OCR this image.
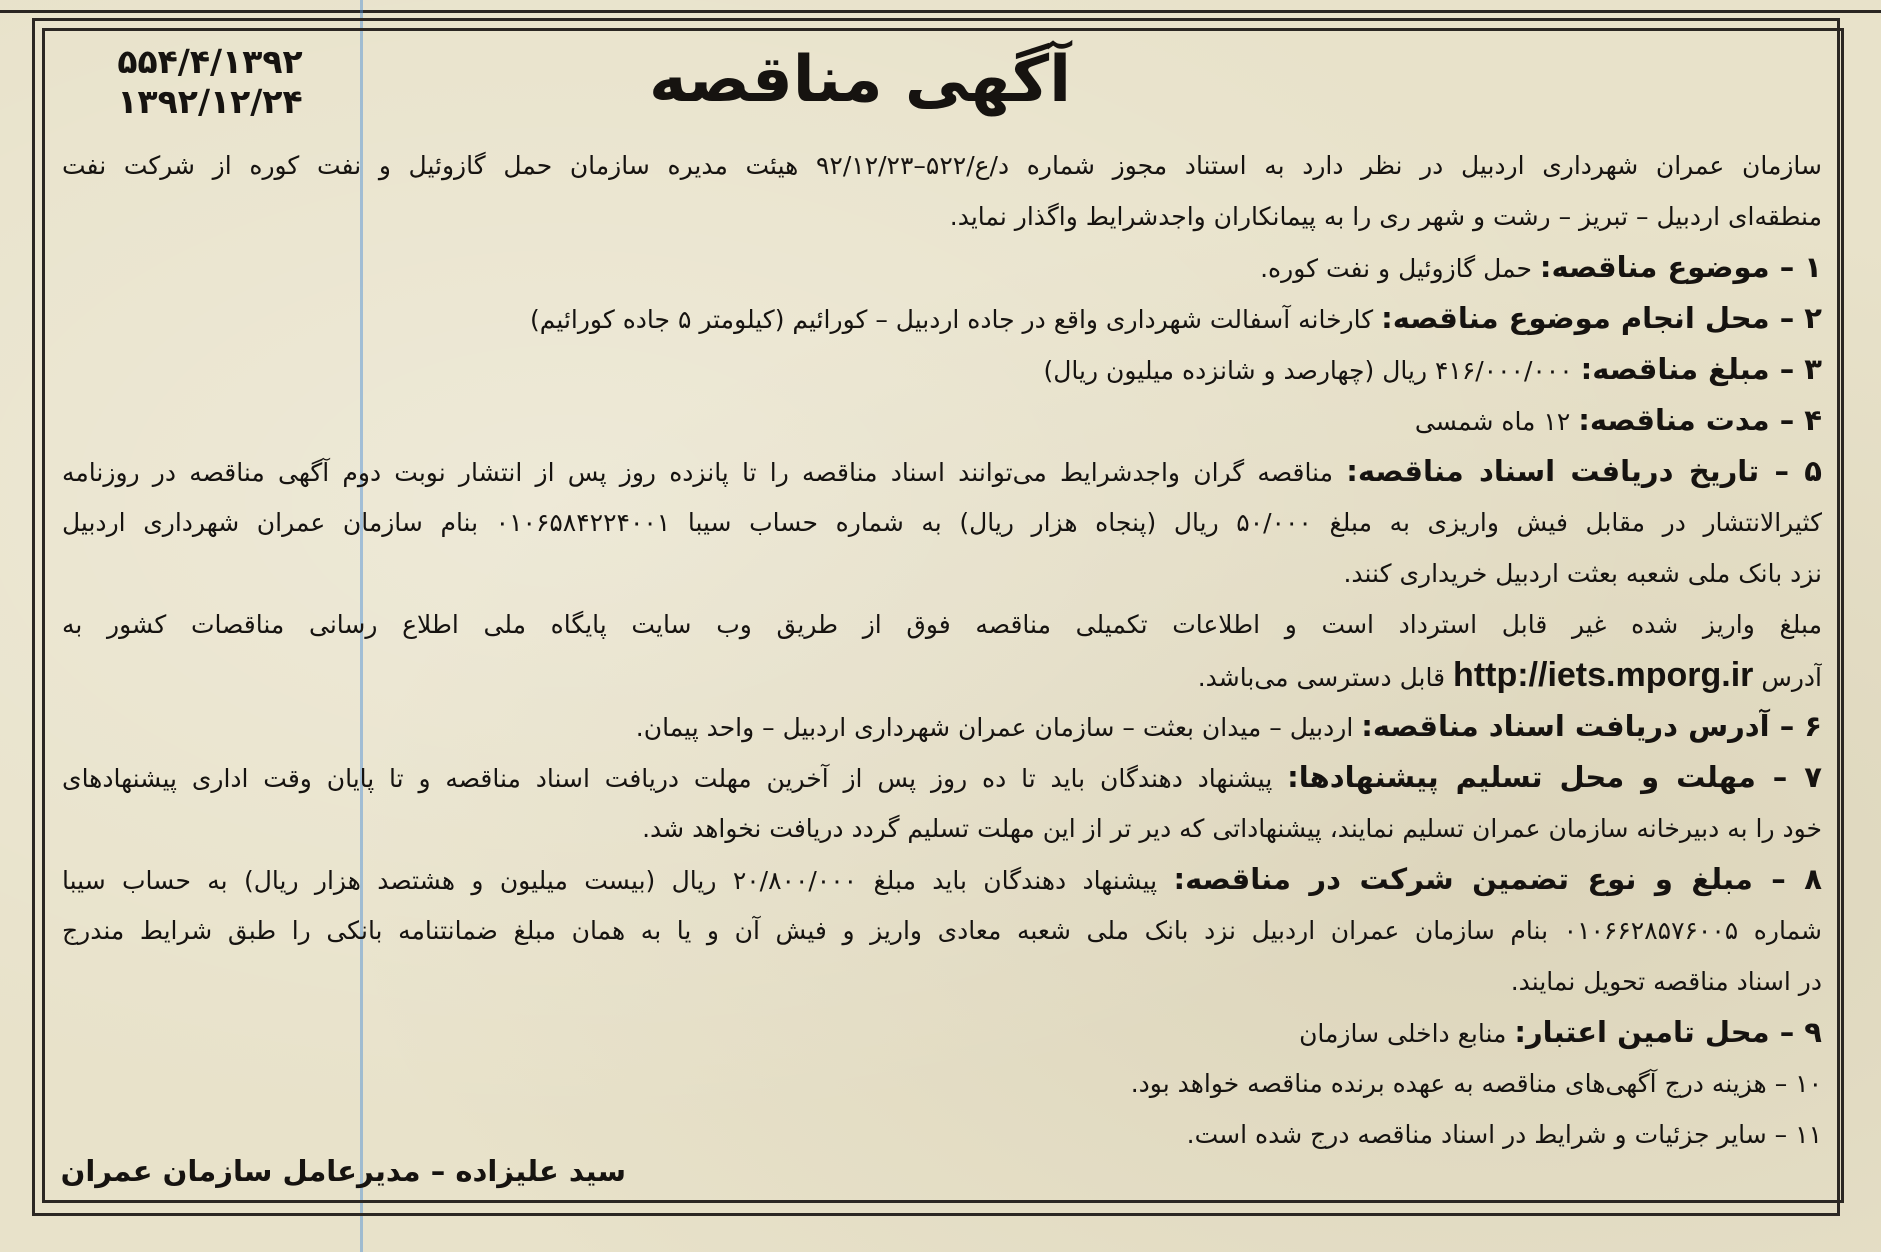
۵۵۴/۴/۱۳۹۲
۱۳۹۲/۱۲/۲۴	آگهی مناقصه
سازمان عمران شهرداری اردبیل در نظر دارد به استناد مجوز شماره د/ع/۵۲۲–۹۲/۱۲/۲۳ هیئت مدیره سازمان حمل گازوئیل و نفت کوره از شرکت نفت
منطقه‌ای اردبیل – تبریز – رشت و شهر ری را به پیمانکاران واجدشرایط واگذار نماید.
۱ – موضوع مناقصه: حمل گازوئیل و نفت کوره.
۲ – محل انجام موضوع مناقصه: کارخانه آسفالت شهرداری واقع در جاده اردبیل – کورائیم (کیلومتر ۵ جاده کورائیم)
۳ – مبلغ مناقصه: ۴۱۶/۰۰۰/۰۰۰ ریال (چهارصد و شانزده میلیون ریال)
۴ – مدت مناقصه: ۱۲ ماه شمسی
۵ – تاریخ دریافت اسناد مناقصه: مناقصه گران واجدشرایط می‌توانند اسناد مناقصه را تا پانزده روز پس از انتشار نوبت دوم آگهی مناقصه در روزنامه
کثیرالانتشار در مقابل فیش واریزی به مبلغ ۵۰/۰۰۰ ریال (پنجاه هزار ریال) به شماره حساب سیبا ۰۱۰۶۵۸۴۲۲۴۰۰۱ بنام سازمان عمران شهرداری اردبیل
نزد بانک ملی شعبه بعثت اردبیل خریداری کنند.
مبلغ واریز شده غیر قابل استرداد است و اطلاعات تکمیلی مناقصه فوق از طریق وب سایت پایگاه ملی اطلاع رسانی مناقصات کشور به
آدرس http://iets.mporg.ir قابل دسترسی می‌باشد.
۶ – آدرس دریافت اسناد مناقصه: اردبیل – میدان بعثت – سازمان عمران شهرداری اردبیل – واحد پیمان.
۷ – مهلت و محل تسلیم پیشنهادها: پیشنهاد دهندگان باید تا ده روز پس از آخرین مهلت دریافت اسناد مناقصه و تا پایان وقت اداری پیشنهادهای
خود را به دبیرخانه سازمان عمران تسلیم نمایند، پیشنهاداتی که دیر تر از این مهلت تسلیم گردد دریافت نخواهد شد.
۸ – مبلغ و نوع تضمین شرکت در مناقصه: پیشنهاد دهندگان باید مبلغ ۲۰/۸۰۰/۰۰۰ ریال (بیست میلیون و هشتصد هزار ریال) به حساب سیبا
شماره ۰۱۰۶۶۲۸۵۷۶۰۰۵ بنام سازمان عمران اردبیل نزد بانک ملی شعبه معادی واریز و فیش آن و یا به همان مبلغ ضمانتنامه بانکی را طبق شرایط مندرج
در اسناد مناقصه تحویل نمایند.
۹ – محل تامین اعتبار: منابع داخلی سازمان
۱۰ – هزینه درج آگهی‌های مناقصه به عهده برنده مناقصه خواهد بود.
۱۱ – سایر جزئیات و شرایط در اسناد مناقصه درج شده است.
سید علیزاده – مدیرعامل سازمان عمران
